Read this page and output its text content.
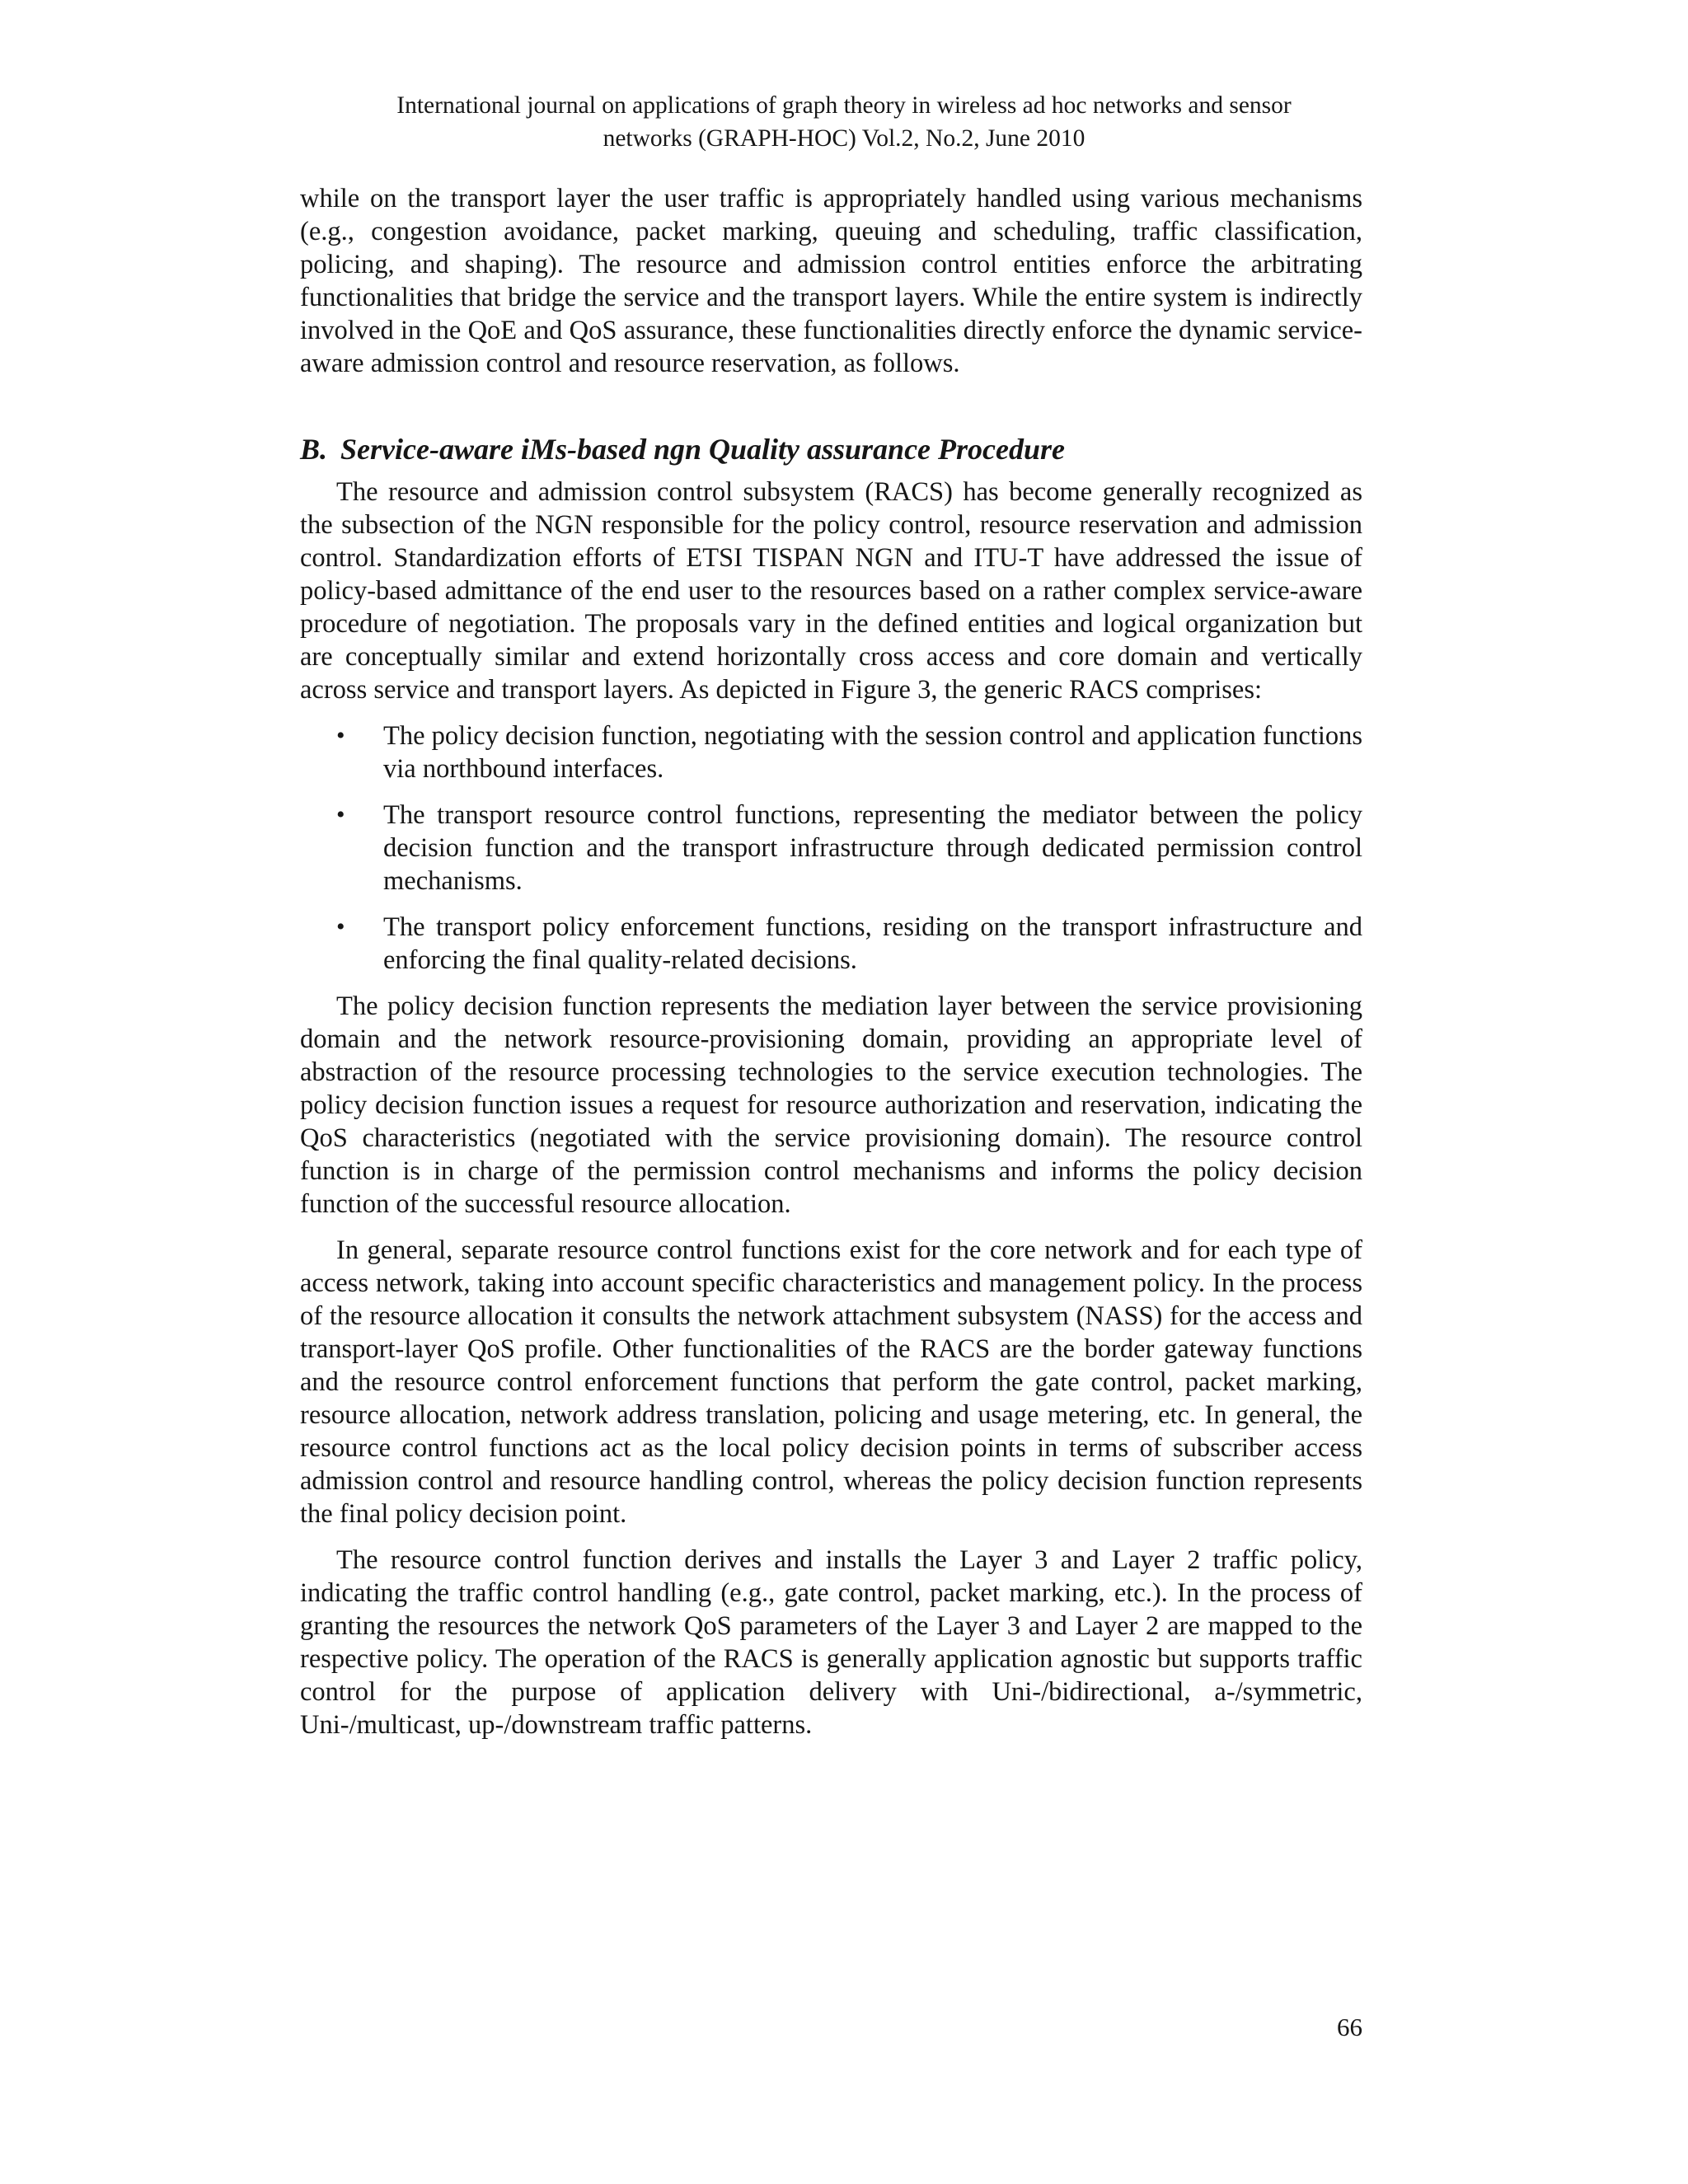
International journal on applications of graph theory in wireless ad hoc networks and sensor
networks (GRAPH-HOC) Vol.2, No.2, June 2010

while on the transport layer the user traffic is appropriately handled using various mechanisms (e.g., congestion avoidance, packet marking, queuing and scheduling, traffic classification, policing, and shaping). The resource and admission control entities enforce the arbitrating functionalities that bridge the service and the transport layers. While the entire system is indirectly involved in the QoE and QoS assurance, these functionalities directly enforce the dynamic service-aware admission control and resource reservation, as follows.

B. Service-aware iMs-based ngn Quality assurance Procedure

The resource and admission control subsystem (RACS) has become generally recognized as the subsection of the NGN responsible for the policy control, resource reservation and admission control. Standardization efforts of ETSI TISPAN NGN and ITU-T have addressed the issue of policy-based admittance of the end user to the resources based on a rather complex service-aware procedure of negotiation. The proposals vary in the defined entities and logical organization but are conceptually similar and extend horizontally cross access and core domain and vertically across service and transport layers. As depicted in Figure 3, the generic RACS comprises:

• The policy decision function, negotiating with the session control and application functions via northbound interfaces.
• The transport resource control functions, representing the mediator between the policy decision function and the transport infrastructure through dedicated permission control mechanisms.
• The transport policy enforcement functions, residing on the transport infrastructure and enforcing the final quality-related decisions.

The policy decision function represents the mediation layer between the service provisioning domain and the network resource-provisioning domain, providing an appropriate level of abstraction of the resource processing technologies to the service execution technologies. The policy decision function issues a request for resource authorization and reservation, indicating the QoS characteristics (negotiated with the service provisioning domain). The resource control function is in charge of the permission control mechanisms and informs the policy decision function of the successful resource allocation.

In general, separate resource control functions exist for the core network and for each type of access network, taking into account specific characteristics and management policy. In the process of the resource allocation it consults the network attachment subsystem (NASS) for the access and transport-layer QoS profile. Other functionalities of the RACS are the border gateway functions and the resource control enforcement functions that perform the gate control, packet marking, resource allocation, network address translation, policing and usage metering, etc. In general, the resource control functions act as the local policy decision points in terms of subscriber access admission control and resource handling control, whereas the policy decision function represents the final policy decision point.

The resource control function derives and installs the Layer 3 and Layer 2 traffic policy, indicating the traffic control handling (e.g., gate control, packet marking, etc.). In the process of granting the resources the network QoS parameters of the Layer 3 and Layer 2 are mapped to the respective policy. The operation of the RACS is generally application agnostic but supports traffic control for the purpose of application delivery with Uni-/bidirectional, a-/symmetric, Uni-/multicast, up-/downstream traffic patterns.

66
